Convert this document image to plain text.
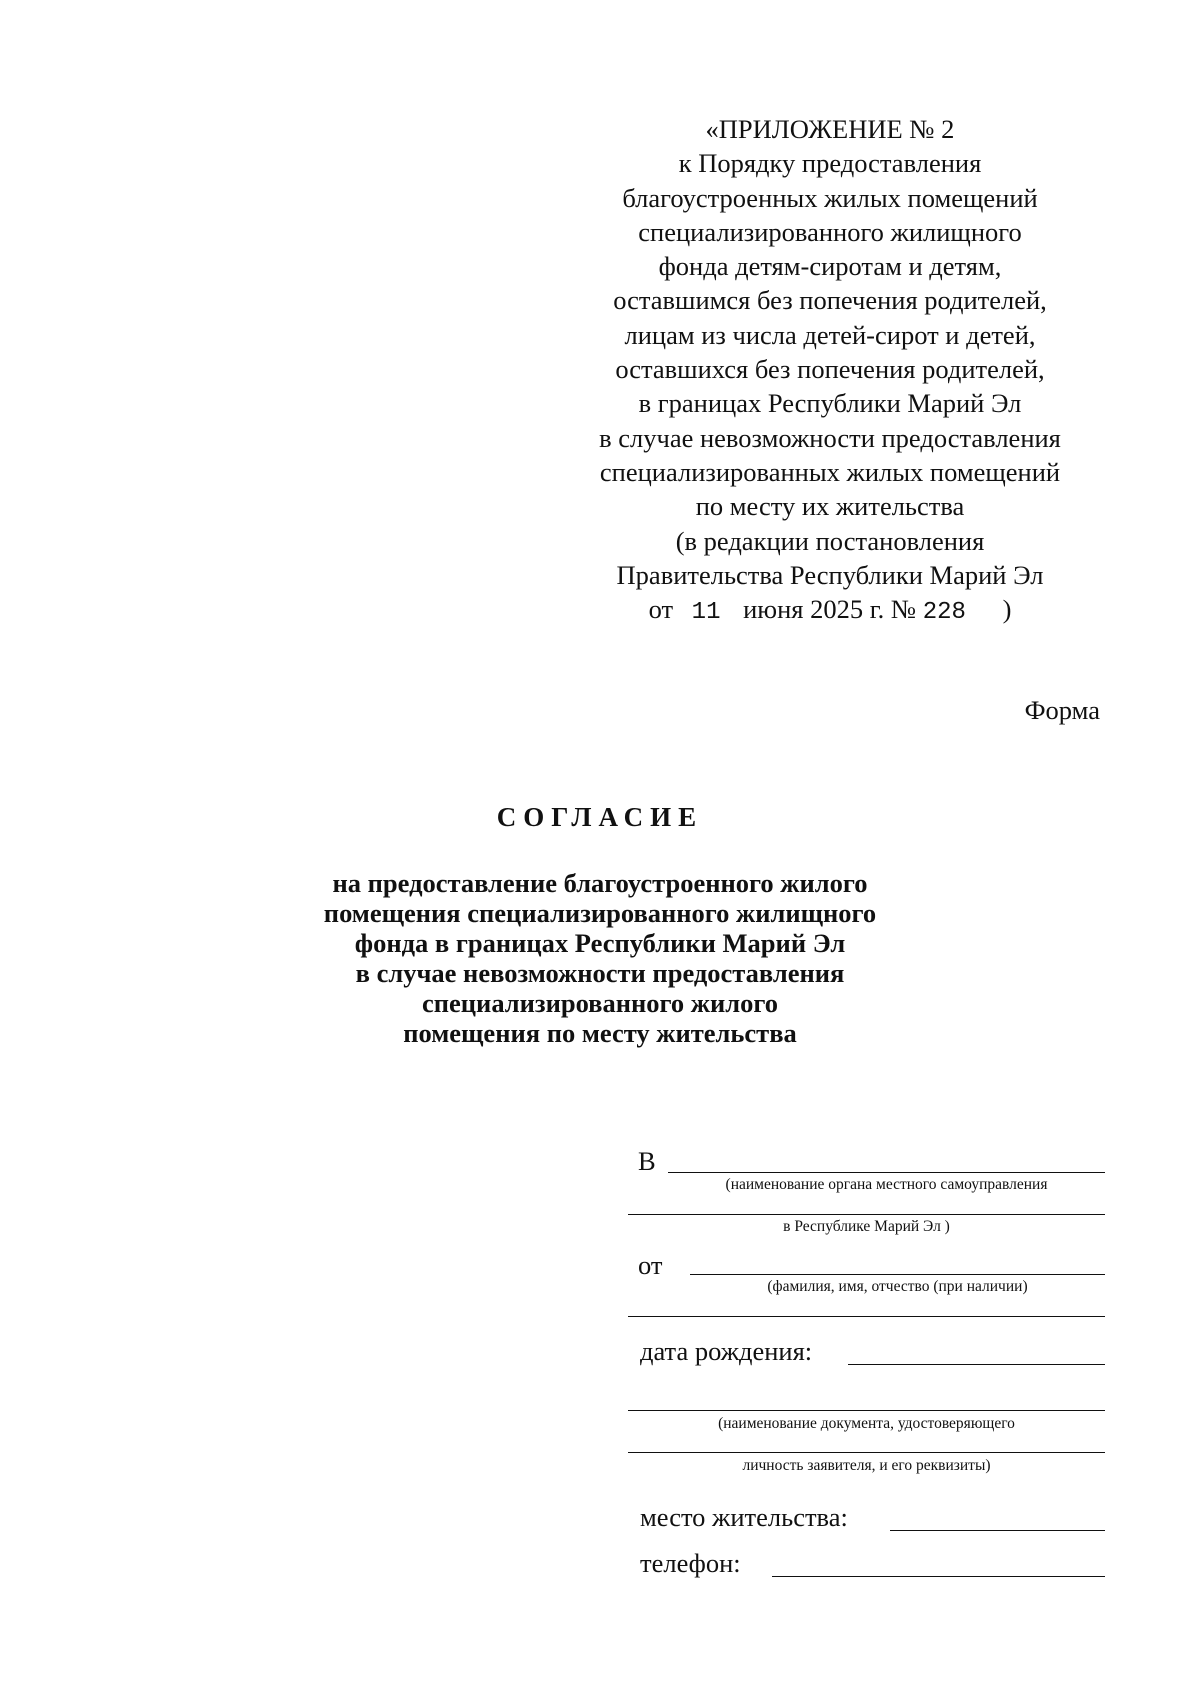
«ПРИЛОЖЕНИЕ № 2
к Порядку предоставления
благоустроенных жилых помещений
специализированного жилищного
фонда детям-сиротам и детям,
оставшимся без попечения родителей,
лицам из числа детей-сирот и детей,
оставшихся без попечения родителей,
в границах Республики Марий Эл
в случае невозможности предоставления
специализированных жилых помещений
по месту их жительства
(в редакции постановления
Правительства Республики Марий Эл
от 11 июня 2025 г. № 228 )
Форма
СОГЛАСИЕ
на предоставление благоустроенного жилого
помещения специализированного жилищного
фонда в границах Республики Марий Эл
в случае невозможности предоставления
специализированного жилого
помещения по месту жительства
В
(наименование органа местного самоуправления
в Республике Марий Эл )
от
(фамилия, имя, отчество (при наличии)
дата рождения:
(наименование документа, удостоверяющего
личность заявителя, и его реквизиты)
место жительства:
телефон:
